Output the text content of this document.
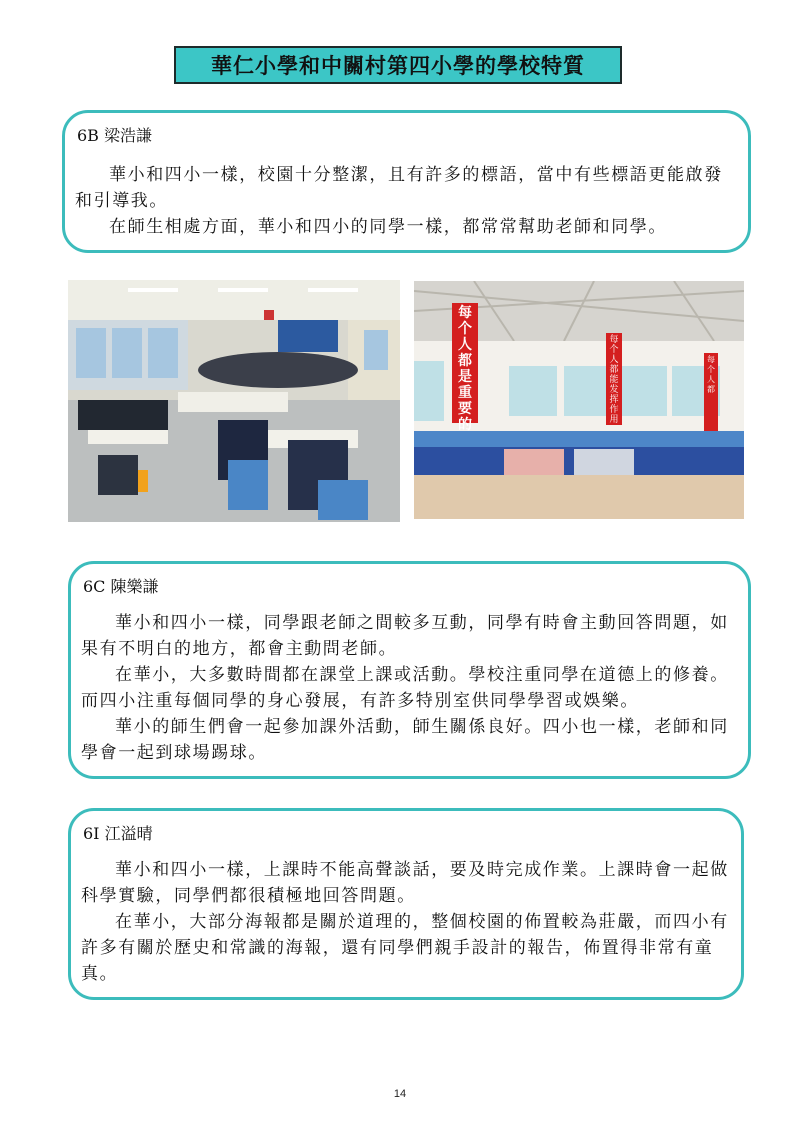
華仁小學和中關村第四小學的學校特質
6B 梁浩謙

華小和四小一樣，校園十分整潔，且有許多的標語，當中有些標語更能啟發和引導我。

在師生相處方面，華小和四小的同學一樣，都常常幫助老師和同學。

每个人都是重要的
每个人都能发挥作用
每个人都
6C 陳樂謙

華小和四小一樣，同學跟老師之間較多互動，同學有時會主動回答問題，如果有不明白的地方，都會主動問老師。

在華小，大多數時間都在課堂上課或活動。學校注重同學在道德上的修養。而四小注重每個同學的身心發展，有許多特別室供同學學習或娛樂。

華小的師生們會一起參加課外活動，師生關係良好。四小也一樣，老師和同學會一起到球場踢球。

6I 江溢晴

華小和四小一樣，上課時不能高聲談話，要及時完成作業。上課時會一起做科學實驗，同學們都很積極地回答問題。

在華小，大部分海報都是關於道理的，整個校園的佈置較為莊嚴，而四小有許多有關於歷史和常識的海報，還有同學們親手設計的報告，佈置得非常有童真。

14
